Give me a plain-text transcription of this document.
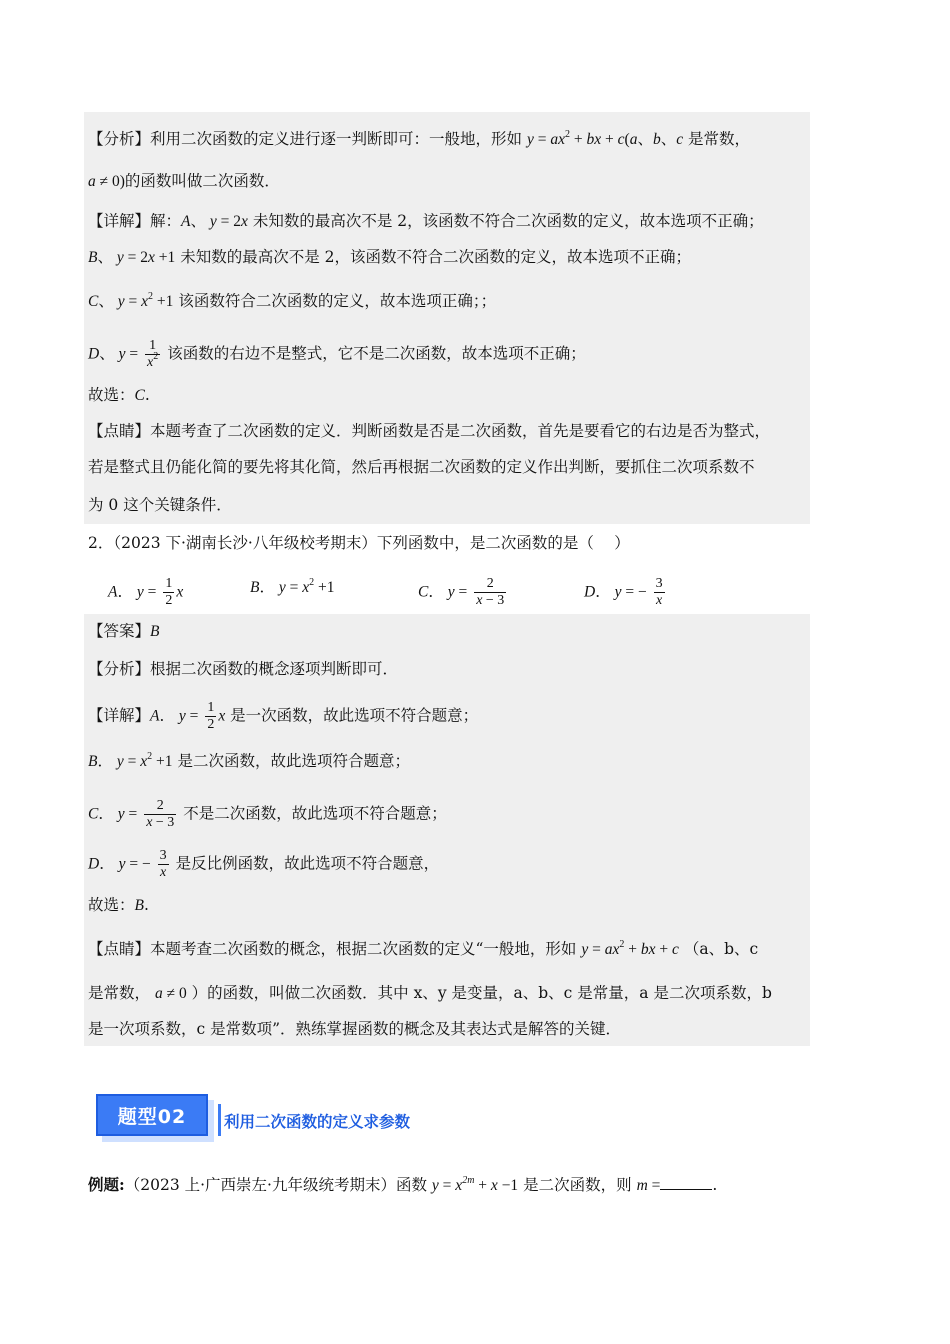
【分析】利用二次函数的定义进行逐一判断即可：一般地，形如 $y = ax^2$ + bx + c(a、b、c 是常数，
a ≠ 0)的函数叫做二次函数．
【详解】解：A、 y = 2x 未知数的最高次不是 2，该函数不符合二次函数的定义，故本选项不正确；
B、 y = 2x +1 未知数的最高次不是 2，该函数不符合二次函数的定义，故本选项不正确；
C、 $y = x^2 +1$ 该函数符合二次函数的定义，故本选项正确；；
D、 $y = \frac{1}{x^2}$ 该函数的右边不是整式，它不是二次函数，故本选项不正确；
故选：C.
【点睛】本题考查了二次函数的定义．判断函数是否是二次函数，首先是要看它的右边是否为整式，
若是整式且仍能化简的要先将其化简，然后再根据二次函数的定义作出判断，要抓住二次项系数不
为 0 这个关键条件．
2．（2023 下·湖南长沙·八年级校考期末）下列函数中，是二次函数的是（　 ）
A． $y = \frac{1}{2}$ x	B． $y = x^2 +1$	C． $y = \frac{2}{x - 3}$	D． y = − $\frac{3}{x}$
【答案】B
【分析】根据二次函数的概念逐项判断即可．
【详解】A． $y = \frac{1}{2}$ x 是一次函数，故此选项不符合题意；
B． $y = x^2 +1$ 是二次函数，故此选项符合题意；
C． $y = \frac{2}{x - 3}$ 不是二次函数，故此选项不符合题意；
D． y = − $\frac{3}{x}$ 是反比例函数，故此选项不符合题意，
故选：B.
【点睛】本题考查二次函数的概念，根据二次函数的定义“一般地，形如 $y = ax^2$ + bx + c （a、b、c
是常数， a ≠ 0 ）的函数，叫做二次函数．其中 x、y 是变量，a、b、c 是常量，a 是二次项系数，b
是一次项系数，c 是常数项”．熟练掌握函数的概念及其表达式是解答的关键．
题型02	利用二次函数的定义求参数
例题:（2023 上·广西崇左·九年级统考期末）函数 $y = x^{2m} + x -1$ 是二次函数，则 m =	.
